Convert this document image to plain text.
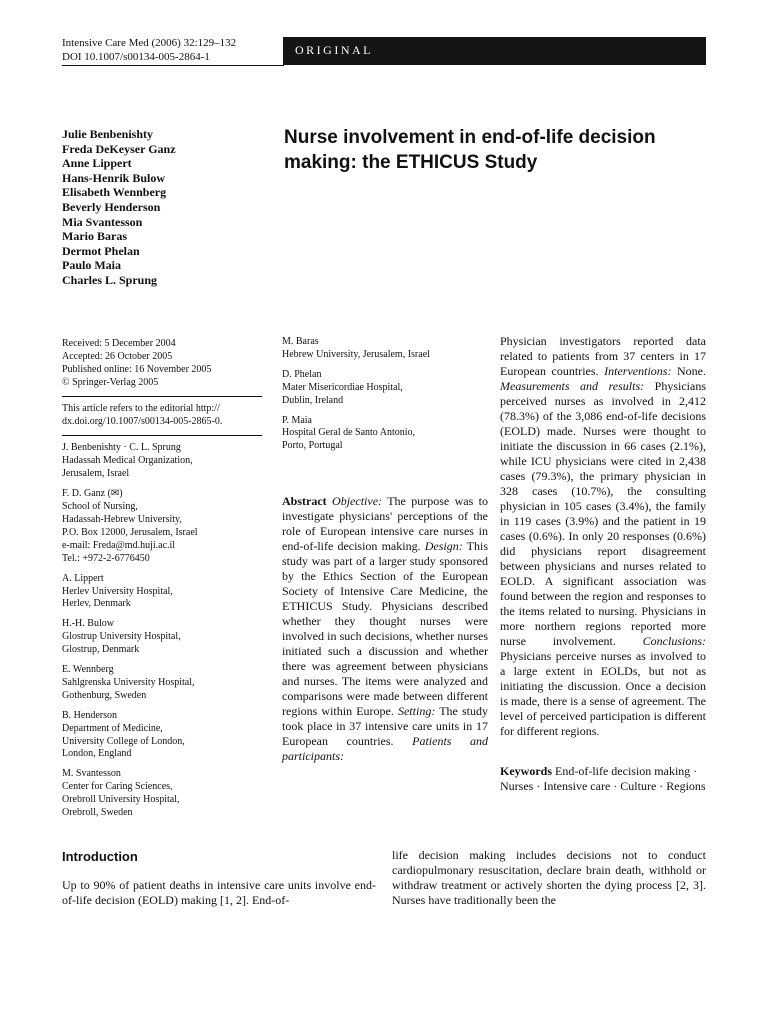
Intensive Care Med (2006) 32:129–132
DOI 10.1007/s00134-005-2864-1	ORIGINAL
Julie Benbenishty
Freda DeKeyser Ganz
Anne Lippert
Hans-Henrik Bulow
Elisabeth Wennberg
Beverly Henderson
Mia Svantesson
Mario Baras
Dermot Phelan
Paulo Maia
Charles L. Sprung
Nurse involvement in end-of-life decision making: the ETHICUS Study
Received: 5 December 2004
Accepted: 26 October 2005
Published online: 16 November 2005
© Springer-Verlag 2005
This article refers to the editorial http:// dx.doi.org/10.1007/s00134-005-2865-0.
J. Benbenishty · C. L. Sprung
Hadassah Medical Organization,
Jerusalem, Israel
F. D. Ganz (✉)
School of Nursing,
Hadassah-Hebrew University,
P.O. Box 12000, Jerusalem, Israel
e-mail: Freda@md.huji.ac.il
Tel.: +972-2-6776450
A. Lippert
Herlev University Hospital,
Herlev, Denmark
H.-H. Bulow
Glostrup University Hospital,
Glostrup, Denmark
E. Wennberg
Sahlgrenska University Hospital,
Gothenburg, Sweden
B. Henderson
Department of Medicine,
University College of London,
London, England
M. Svantesson
Center for Caring Sciences,
Orebroll University Hospital,
Orebroll, Sweden
M. Baras
Hebrew University, Jerusalem, Israel
D. Phelan
Mater Misericordiae Hospital,
Dublin, Ireland
P. Maia
Hospital Geral de Santo Antonio,
Porto, Portugal

Abstract Objective: The purpose was to investigate physicians' perceptions of the role of European intensive care nurses in end-of-life decision making. Design: This study was part of a larger study sponsored by the Ethics Section of the European Society of Intensive Care Medicine, the ETHICUS Study. Physicians described whether they thought nurses were involved in such decisions, whether nurses initiated such a discussion and whether there was agreement between physicians and nurses. The items were analyzed and comparisons were made between different regions within Europe. Setting: The study took place in 37 intensive care units in 17 European countries. Patients and participants:

Physician investigators reported data related to patients from 37 centers in 17 European countries. Interventions: None. Measurements and results: Physicians perceived nurses as involved in 2,412 (78.3%) of the 3,086 end-of-life decisions (EOLD) made. Nurses were thought to initiate the discussion in 66 cases (2.1%), while ICU physicians were cited in 2,438 cases (79.3%), the primary physician in 328 cases (10.7%), the consulting physician in 105 cases (3.4%), the family in 119 cases (3.9%) and the patient in 19 cases (0.6%). In only 20 responses (0.6%) did physicians report disagreement between physicians and nurses related to EOLD. A significant association was found between the region and responses to the items related to nursing. Physicians in more northern regions reported more nurse involvement. Conclusions: Physicians perceive nurses as involved to a large extent in EOLDs, but not as initiating the discussion. Once a decision is made, there is a sense of agreement. The level of perceived participation is different for different regions.

Keywords End-of-life decision making · Nurses · Intensive care · Culture · Regions
Introduction
Up to 90% of patient deaths in intensive care units involve end-of-life decision (EOLD) making [1, 2]. End-of-
life decision making includes decisions not to conduct cardiopulmonary resuscitation, declare brain death, withhold or withdraw treatment or actively shorten the dying process [2, 3]. Nurses have traditionally been the
